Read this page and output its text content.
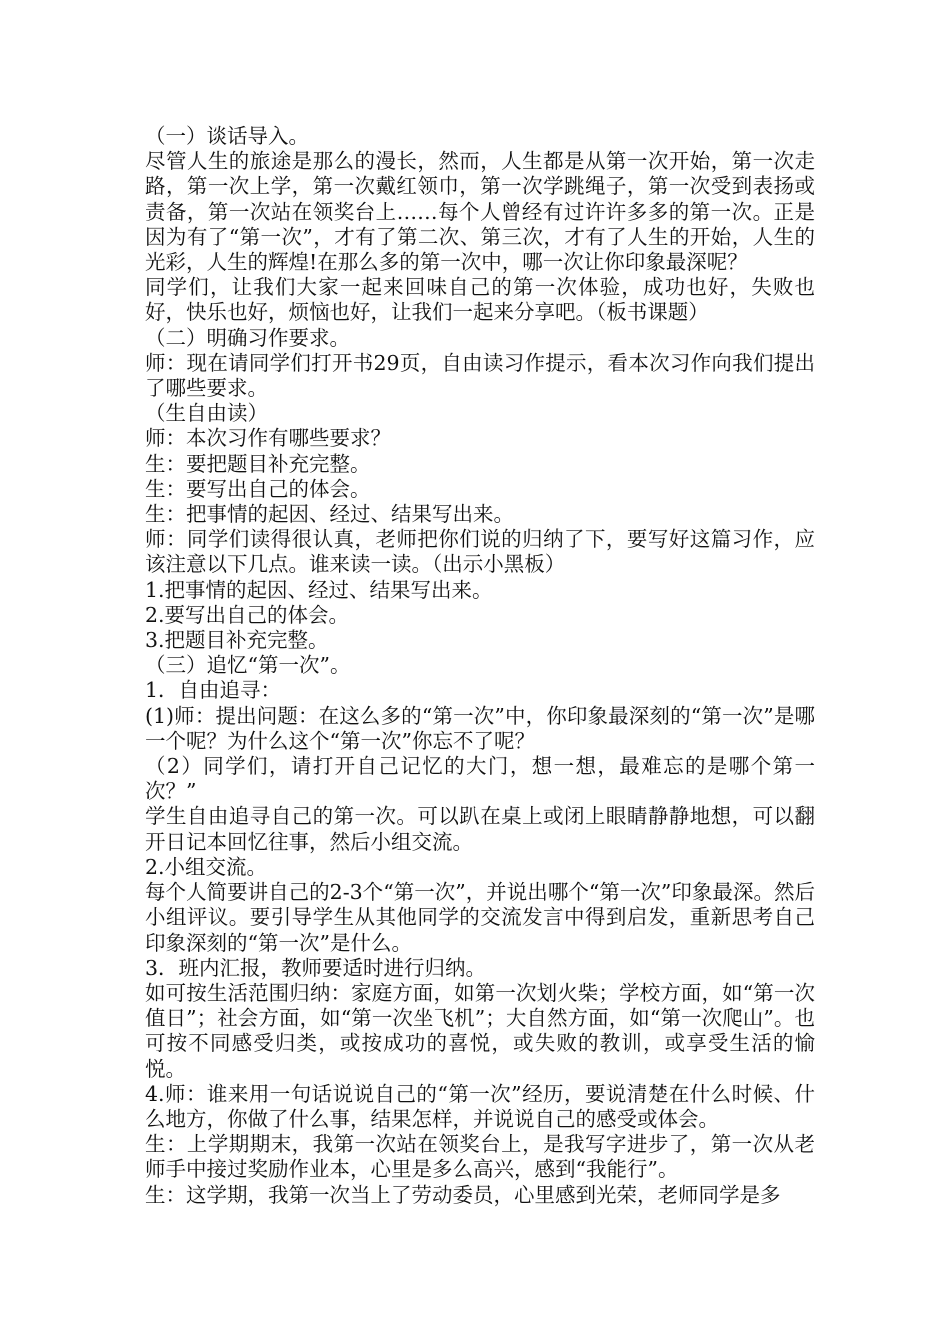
（一）谈话导入。

尽管人生的旅途是那么的漫长，然而，人生都是从第一次开始，第一次走路，第一次上学，第一次戴红领巾，第一次学跳绳子，第一次受到表扬或责备，第一次站在领奖台上……每个人曾经有过许许多多的第一次。正是因为有了“第一次”，才有了第二次、第三次，才有了人生的开始，人生的光彩，人生的辉煌!在那么多的第一次中，哪一次让你印象最深呢？

同学们，让我们大家一起来回味自己的第一次体验，成功也好，失败也好，快乐也好，烦恼也好，让我们一起来分享吧。（板书课题）

（二）明确习作要求。

师：现在请同学们打开书29页，自由读习作提示，看本次习作向我们提出了哪些要求。

（生自由读）

师：本次习作有哪些要求？

生：要把题目补充完整。

生：要写出自己的体会。

生：把事情的起因、经过、结果写出来。

师：同学们读得很认真，老师把你们说的归纳了下，要写好这篇习作，应该注意以下几点。谁来读一读。（出示小黑板）

1.把事情的起因、经过、结果写出来。

2.要写出自己的体会。

3.把题目补充完整。

（三）追忆“第一次”。

1．自由追寻：

(1)师：提出问题：在这么多的“第一次”中，你印象最深刻的“第一次”是哪一个呢？为什么这个“第一次”你忘不了呢？

（2）同学们，请打开自己记忆的大门，想一想，最难忘的是哪个第一次？”

学生自由追寻自己的第一次。可以趴在桌上或闭上眼睛静静地想，可以翻开日记本回忆往事，然后小组交流。

2.小组交流。

每个人简要讲自己的2-3个“第一次”，并说出哪个“第一次”印象最深。然后小组评议。要引导学生从其他同学的交流发言中得到启发，重新思考自己印象深刻的“第一次”是什么。

3．班内汇报，教师要适时进行归纳。

如可按生活范围归纳：家庭方面，如第一次划火柴；学校方面，如“第一次值日”；社会方面，如“第一次坐飞机”；大自然方面，如“第一次爬山”。也可按不同感受归类，或按成功的喜悦，或失败的教训，或享受生活的愉悦。

4.师：谁来用一句话说说自己的“第一次”经历，要说清楚在什么时候、什么地方，你做了什么事，结果怎样，并说说自己的感受或体会。

生：上学期期末，我第一次站在领奖台上，是我写字进步了，第一次从老师手中接过奖励作业本，心里是多么高兴，感到“我能行”。

生：这学期，我第一次当上了劳动委员，心里感到光荣，老师同学是多
